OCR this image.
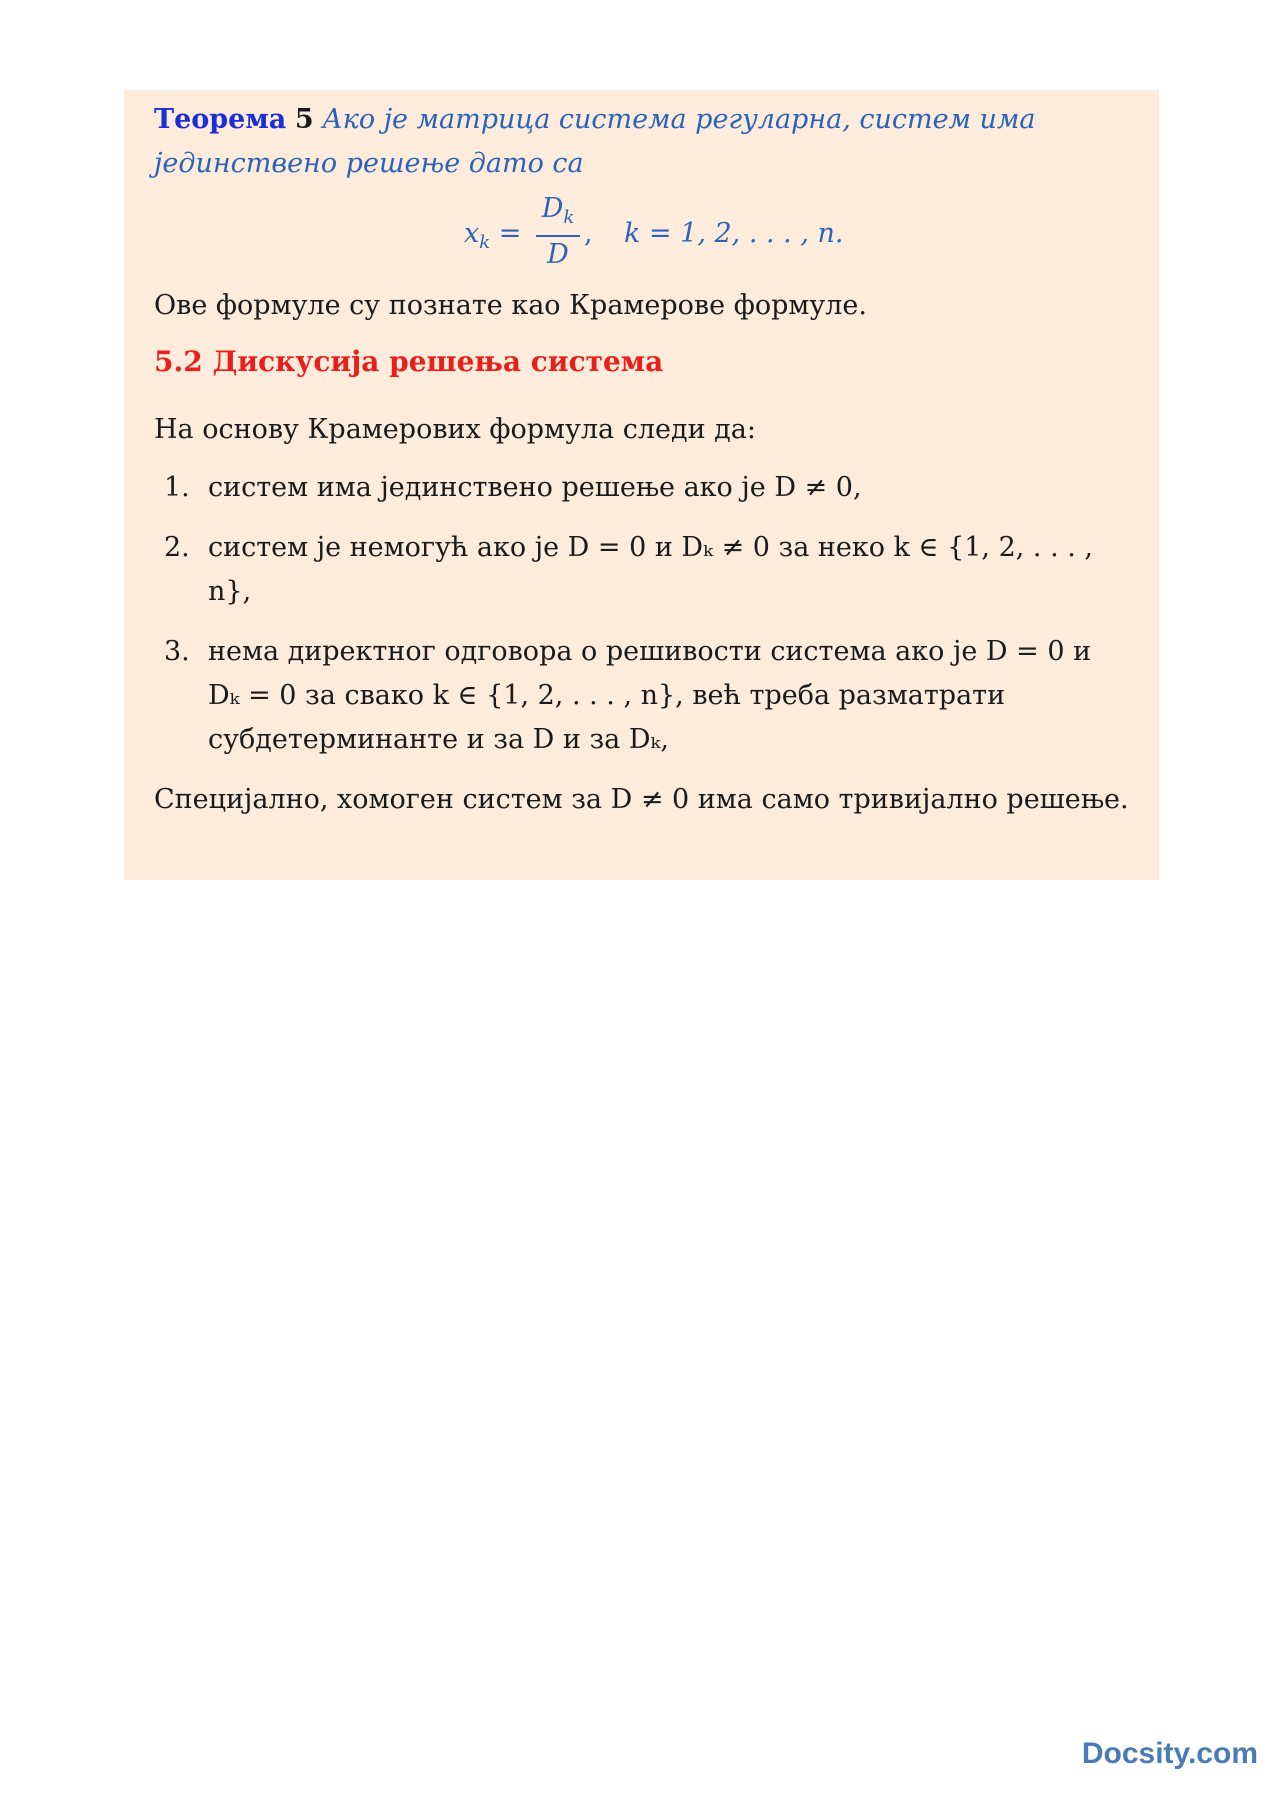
Теорема 5 Ако је матрица система регуларна, систем има јединствено решење дато са

$x_k = \frac{D_k}{D}$ , k = 1, 2, . . . , n.

Ове формуле су познате као Крамерове формуле.

5.2 Дискусија решења система

На основу Крамерових формула следи да:

1. систем има јединствено решење ако је D ≠ 0,
2. систем је немогућ ако је D = 0 и Dₖ ≠ 0 за неко k ∈ {1, 2, . . . , n},
3. нема директног одговора о решивости система ако је D = 0 и Dₖ = 0 за свако k ∈ {1, 2, . . . , n}, већ треба разматрати субдетерминанте и за D и за Dₖ,

Специјално, хомоген систем за D ≠ 0 има само тривијално решење.

Docsity.com
